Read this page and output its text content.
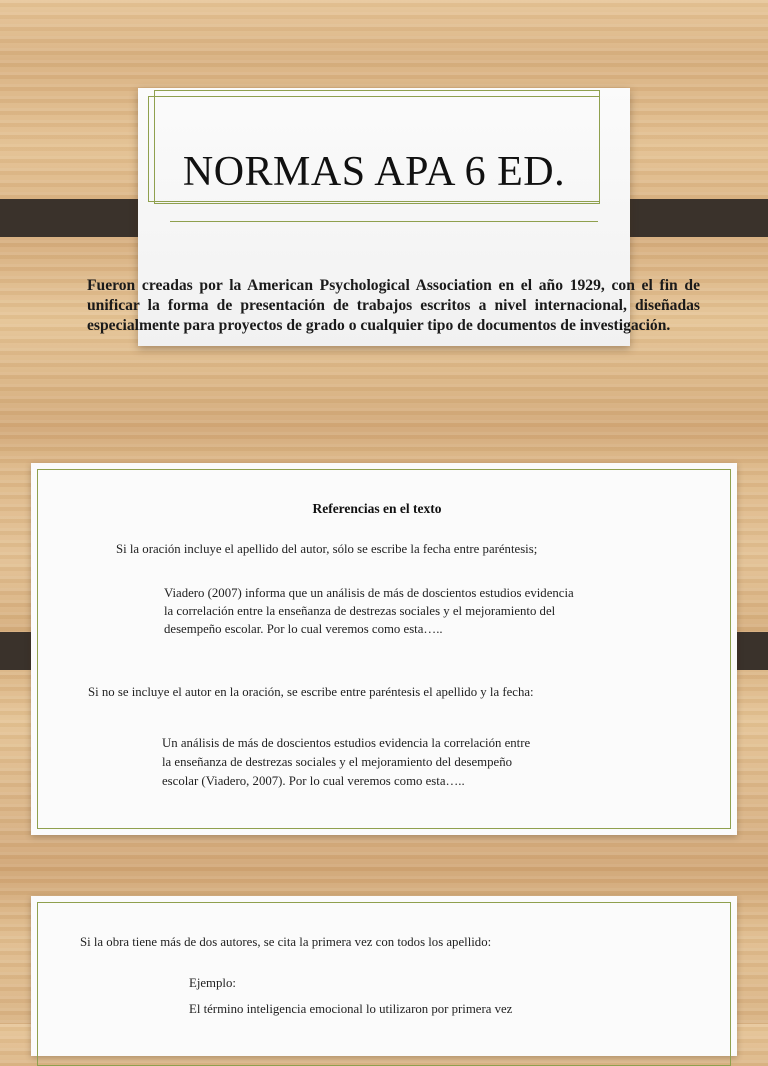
NORMAS APA 6 ED.
Fueron creadas por la American Psychological Association en el año 1929, con el fin de unificar la forma de presentación de trabajos escritos a nivel internacional, diseñadas especialmente para proyectos de grado o cualquier tipo de documentos de investigación.
Referencias en el texto
Si la oración incluye el apellido del autor, sólo se escribe la fecha entre paréntesis;
Viadero (2007) informa que un análisis de más de doscientos estudios evidencia la correlación entre la enseñanza de destrezas sociales y el mejoramiento del desempeño escolar. Por lo cual veremos como esta…..
Si no se incluye el autor en la oración, se escribe entre paréntesis el apellido y la fecha:
Un análisis de más de doscientos estudios evidencia la correlación entre la enseñanza de destrezas sociales y el mejoramiento del desempeño escolar (Viadero, 2007). Por lo cual veremos como esta…..
Si la obra tiene más de dos autores, se cita la primera vez con todos los apellido:
Ejemplo:
El término inteligencia emocional lo utilizaron por primera vez
